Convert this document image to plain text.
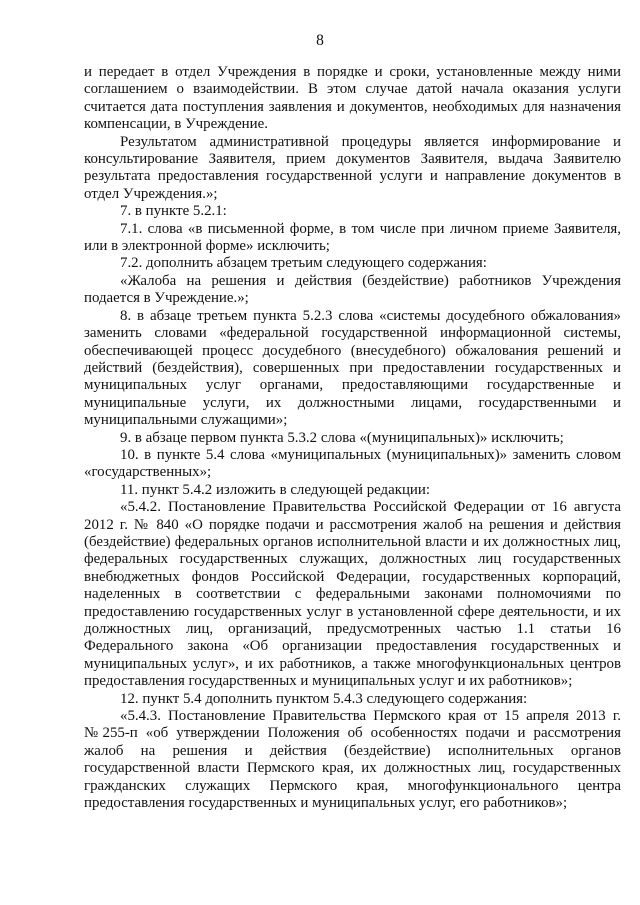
8

и передает в отдел Учреждения в порядке и сроки, установленные между ними соглашением о взаимодействии. В этом случае датой начала оказания услуги считается дата поступления заявления и документов, необходимых для назначения компенсации, в Учреждение.

Результатом административной процедуры является информирование и консультирование Заявителя, прием документов Заявителя, выдача Заявителю результата предоставления государственной услуги и направление документов в отдел Учреждения.»;

7. в пункте 5.2.1:

7.1. слова «в письменной форме, в том числе при личном приеме Заявителя, или в электронной форме» исключить;

7.2. дополнить абзацем третьим следующего содержания:

«Жалоба на решения и действия (бездействие) работников Учреждения подается в Учреждение.»;

8. в абзаце третьем пункта 5.2.3 слова «системы досудебного обжалования» заменить словами «федеральной государственной информационной системы, обеспечивающей процесс досудебного (внесудебного) обжалования решений и действий (бездействия), совершенных при предоставлении государственных и муниципальных услуг органами, предоставляющими государственные и муниципальные услуги, их должностными лицами, государственными и муниципальными служащими»;

9. в абзаце первом пункта 5.3.2 слова «(муниципальных)» исключить;

10. в пункте 5.4 слова «муниципальных (муниципальных)» заменить словом «государственных»;

11. пункт 5.4.2 изложить в следующей редакции:

«5.4.2. Постановление Правительства Российской Федерации от 16 августа 2012 г. № 840 «О порядке подачи и рассмотрения жалоб на решения и действия (бездействие) федеральных органов исполнительной власти и их должностных лиц, федеральных государственных служащих, должностных лиц государственных внебюджетных фондов Российской Федерации, государственных корпораций, наделенных в соответствии с федеральными законами полномочиями по предоставлению государственных услуг в установленной сфере деятельности, и их должностных лиц, организаций, предусмотренных частью 1.1 статьи 16 Федерального закона «Об организации предоставления государственных и муниципальных услуг», и их работников, а также многофункциональных центров предоставления государственных и муниципальных услуг и их работников»;

12. пункт 5.4 дополнить пунктом 5.4.3 следующего содержания:

«5.4.3. Постановление Правительства Пермского края от 15 апреля 2013 г. №255-п «об утверждении Положения об особенностях подачи и рассмотрения жалоб на решения и действия (бездействие) исполнительных органов государственной власти Пермского края, их должностных лиц, государственных гражданских служащих Пермского края, многофункционального центра предоставления государственных и муниципальных услуг, его работников»;
